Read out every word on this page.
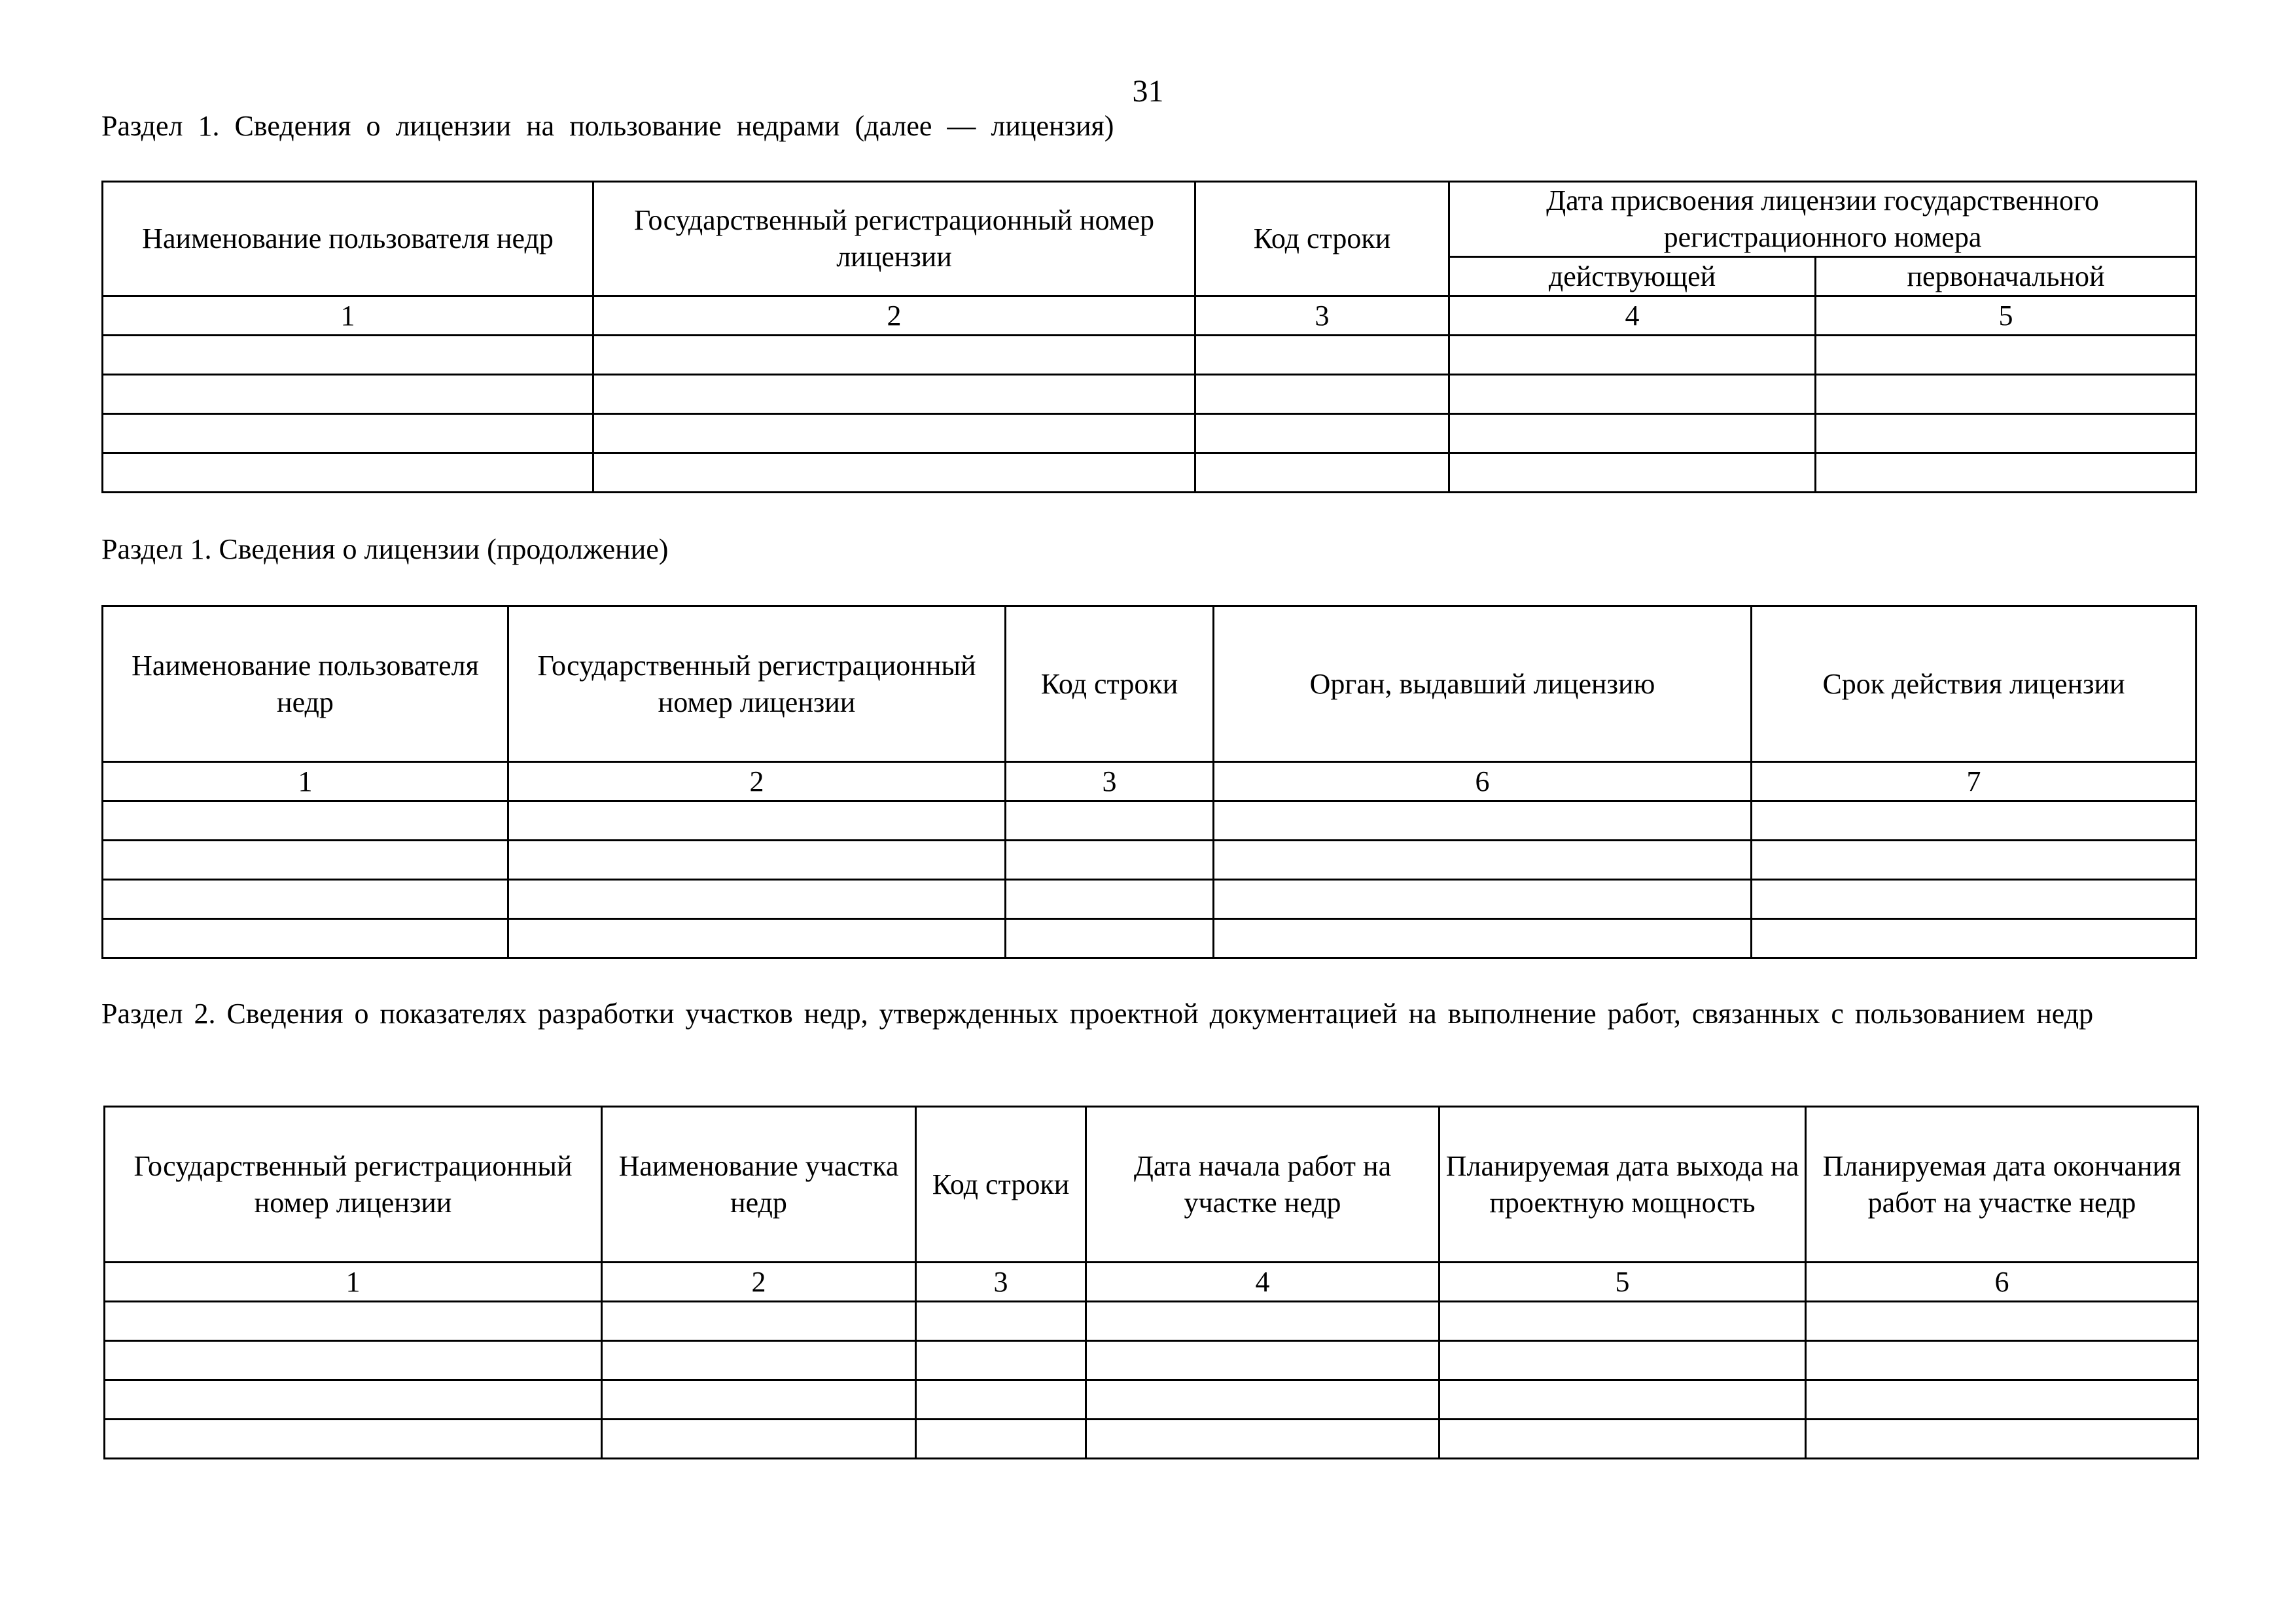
31
Раздел 1. Сведения о лицензии на пользование недрами (далее — лицензия)
Наименование пользователя недр	Государственный регистрационный номер лицензии	Код строки	Дата присвоения лицензии государственного регистрационного номера	
			действующей	первоначальной
1	2	3	4	5

Раздел 1. Сведения о лицензии (продолжение)
Наименование пользователя недр	Государственный регистрационный номер лицензии	Код строки	Орган, выдавший лицензию	Срок действия лицензии
1	2	3	6	7

Раздел 2. Сведения о показателях разработки участков недр, утвержденных проектной документацией на выполнение работ, связанных с пользованием недр
Государственный регистрационный номер лицензии	Наименование участка недр	Код строки	Дата начала работ на участке недр	Планируемая дата выхода на проектную мощность	Планируемая дата окончания работ на участке недр
1	2	3	4	5	6
